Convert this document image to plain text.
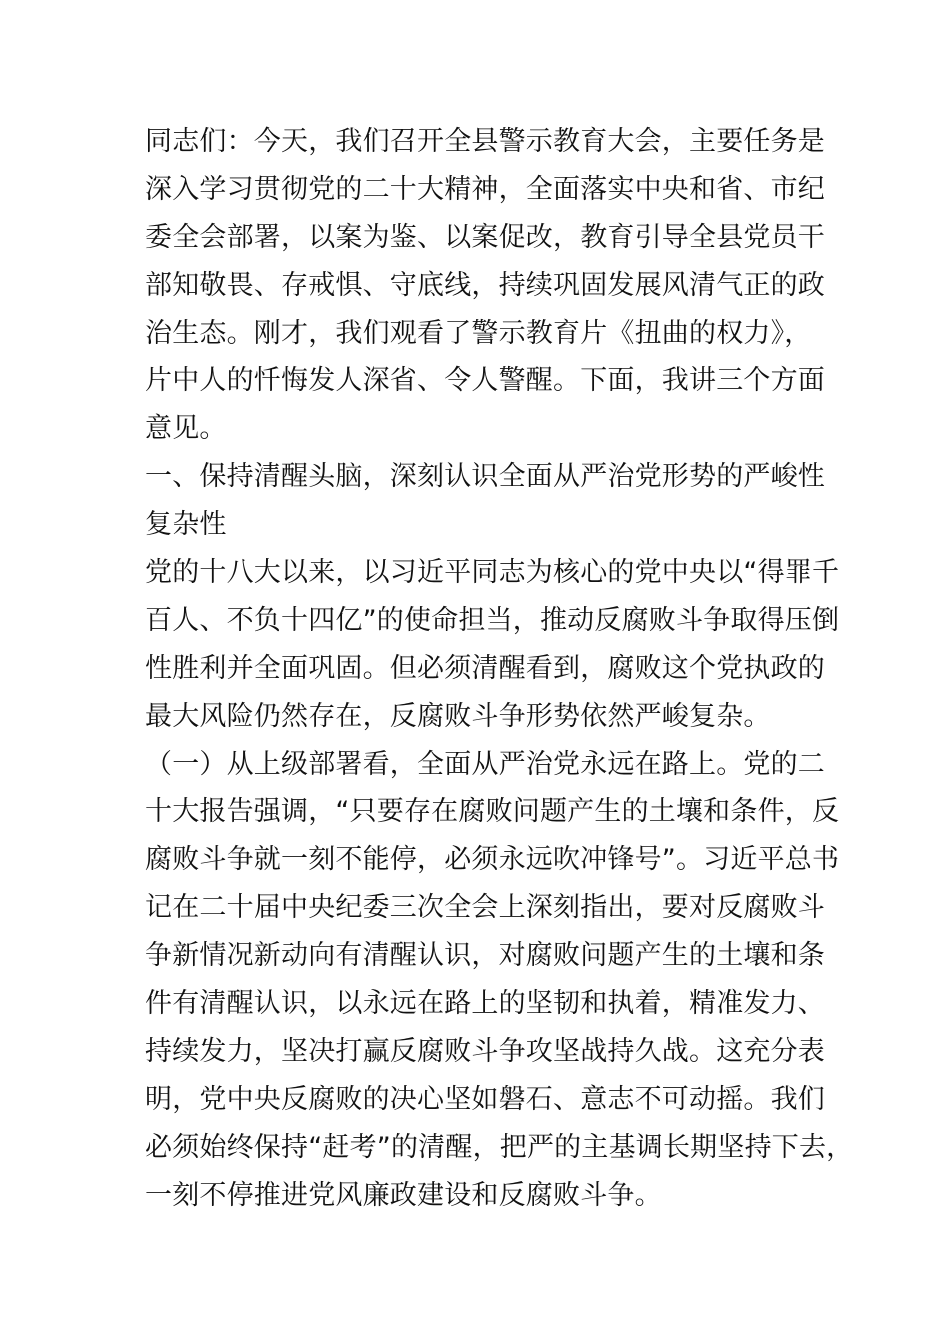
同志们：今天，我们召开全县警示教育大会，主要任务是
深入学习贯彻党的二十大精神，全面落实中央和省、市纪
委全会部署，以案为鉴、以案促改，教育引导全县党员干
部知敬畏、存戒惧、守底线，持续巩固发展风清气正的政
治生态。刚才，我们观看了警示教育片《扭曲的权力》，
片中人的忏悔发人深省、令人警醒。下面，我讲三个方面
意见。
一、保持清醒头脑，深刻认识全面从严治党形势的严峻性
复杂性
党的十八大以来，以习近平同志为核心的党中央以“得罪千
百人、不负十四亿”的使命担当，推动反腐败斗争取得压倒
性胜利并全面巩固。但必须清醒看到，腐败这个党执政的
最大风险仍然存在，反腐败斗争形势依然严峻复杂。
（一）从上级部署看，全面从严治党永远在路上。党的二
十大报告强调，“只要存在腐败问题产生的土壤和条件，反
腐败斗争就一刻不能停，必须永远吹冲锋号”。习近平总书
记在二十届中央纪委三次全会上深刻指出，要对反腐败斗
争新情况新动向有清醒认识，对腐败问题产生的土壤和条
件有清醒认识，以永远在路上的坚韧和执着，精准发力、
持续发力，坚决打赢反腐败斗争攻坚战持久战。这充分表
明，党中央反腐败的决心坚如磐石、意志不可动摇。我们
必须始终保持“赶考”的清醒，把严的主基调长期坚持下去，
一刻不停推进党风廉政建设和反腐败斗争。
